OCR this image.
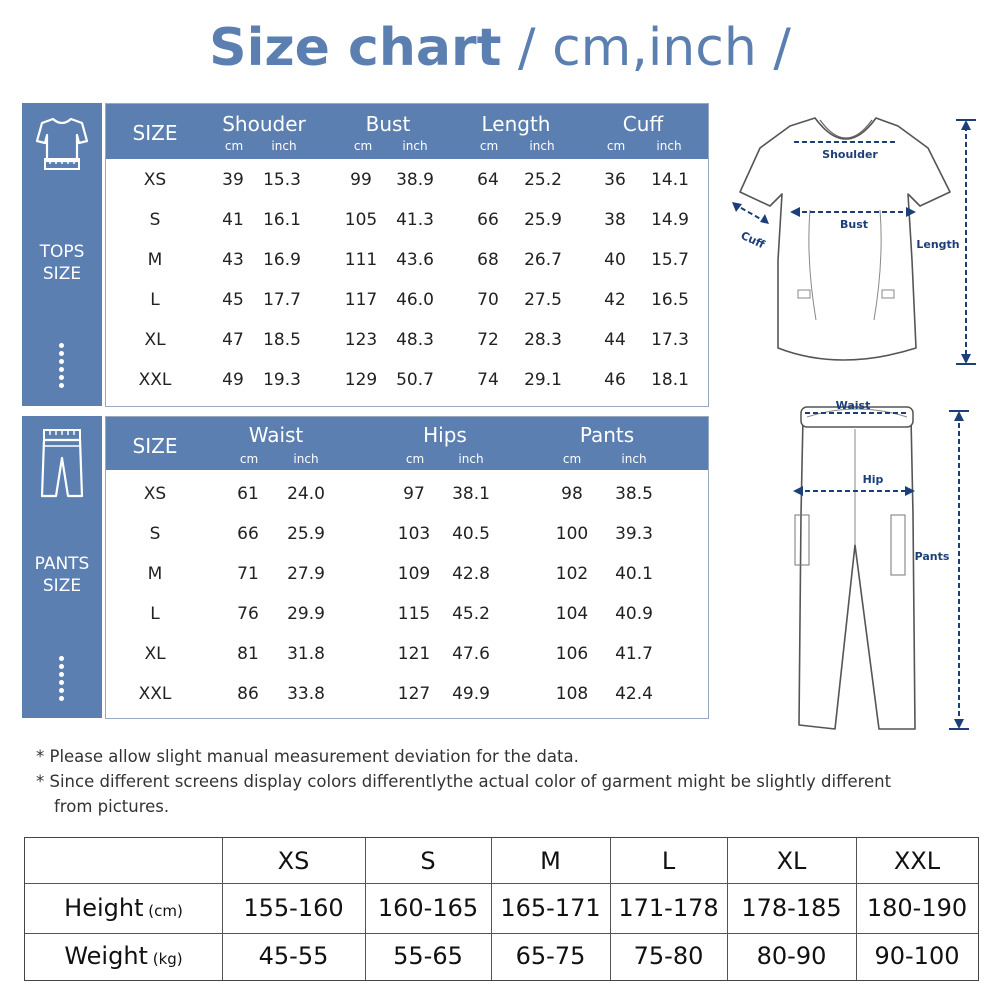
Size chart / cm,inch /
TOPS
SIZE
SIZE	Shouder
cm	inch
Bust
cm	inch
Length
cm	inch
Cuff
cm	inch
XS	39	15.3	99	38.9	64	25.2	36	14.1
S	41	16.1	105	41.3	66	25.9	38	14.9
M	43	16.9	111	43.6	68	26.7	40	15.7
L	45	17.7	117	46.0	70	27.5	42	16.5
XL	47	18.5	123	48.3	72	28.3	44	17.3
XXL	49	19.3	129	50.7	74	29.1	46	18.1
PANTS
SIZE
SIZE	Waist
cm	inch
Hips
cm	inch
Pants
cm	inch
XS	61	24.0	97	38.1	98	38.5
S	66	25.9	103	40.5	100	39.3
M	71	27.9	109	42.8	102	40.1
L	76	29.9	115	45.2	104	40.9
XL	81	31.8	121	47.6	106	41.7
XXL	86	33.8	127	49.9	108	42.4
Shoulder
Bust
Cuff	Length
Waist
Hip
Pants
* Please allow slight manual measurement deviation for the data.
* Since different screens display colors differentlythe actual color of garment might be slightly different
from pictures.
XS	S	M	L	XL	XXL
Height (cm)	155-160	160-165 165-171 171-178 178-185	180-190
Weight (kg)	45-55	55-65	65-75	75-80	80-90	90-100
